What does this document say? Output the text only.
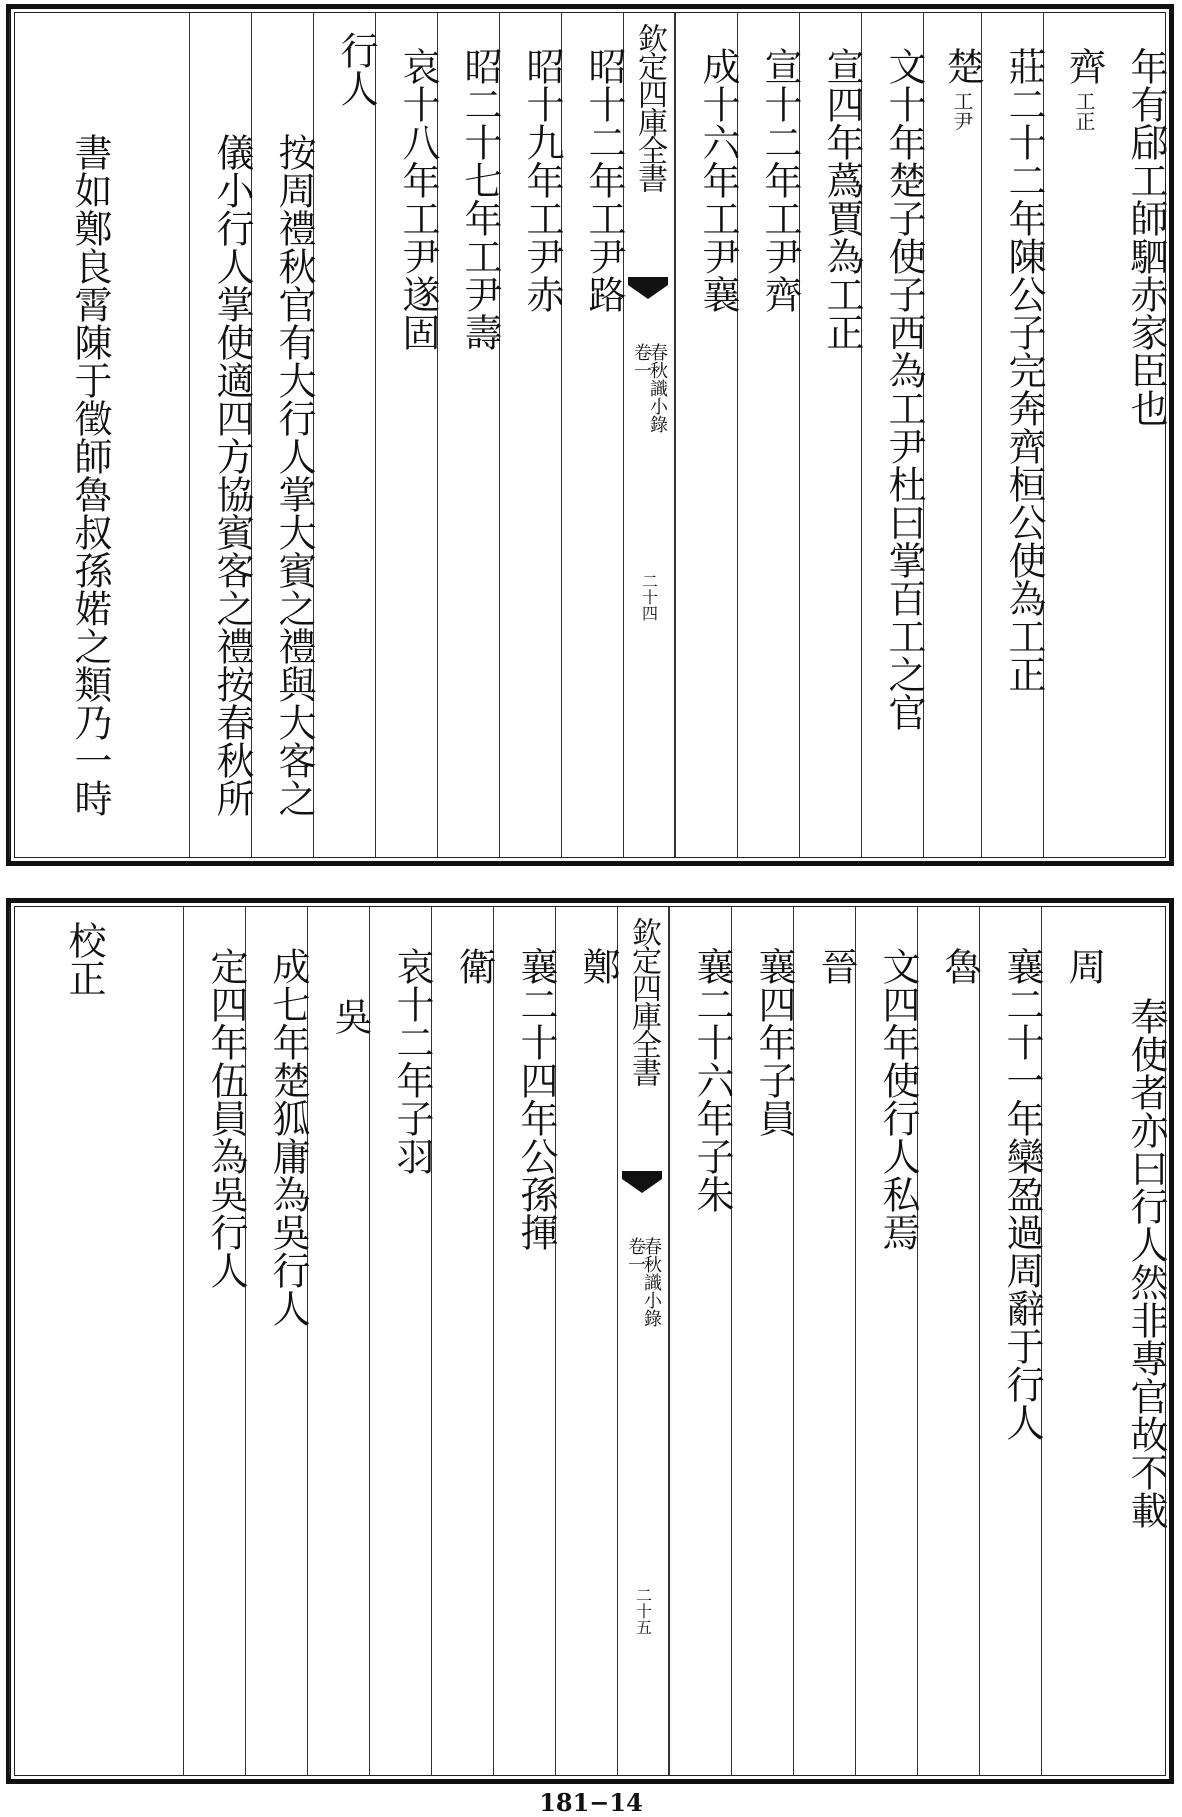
年有郈工師駟赤家臣也
齊工正
莊二十二年陳公子完奔齊桓公使為工正
楚工尹
文十年楚子使子西為工尹杜曰掌百工之官
宣四年蔿賈為工正
宣十二年工尹齊
成十六年工尹襄
欽定四庫全書
春秋識小錄
卷一
二十四
昭十二年工尹路
昭十九年工尹赤
昭二十七年工尹壽
哀十八年工尹遂固
行人
按周禮秋官有大行人掌大賓之禮與大客之
儀小行人掌使適四方協賓客之禮按春秋所
書如鄭良霄陳于徵師魯叔孫婼之類乃一時
奉使者亦曰行人然非專官故不載
周
襄二十一年欒盈過周辭于行人
魯
文四年使行人私焉
晉
襄四年子員
襄二十六年子朱
欽定四庫全書
春秋識小錄
卷一
二十五
鄭
襄二十四年公孫揮
衛
哀十二年子羽
吳
成七年楚狐庸為吳行人
定四年伍員為吳行人
校正
181−14
